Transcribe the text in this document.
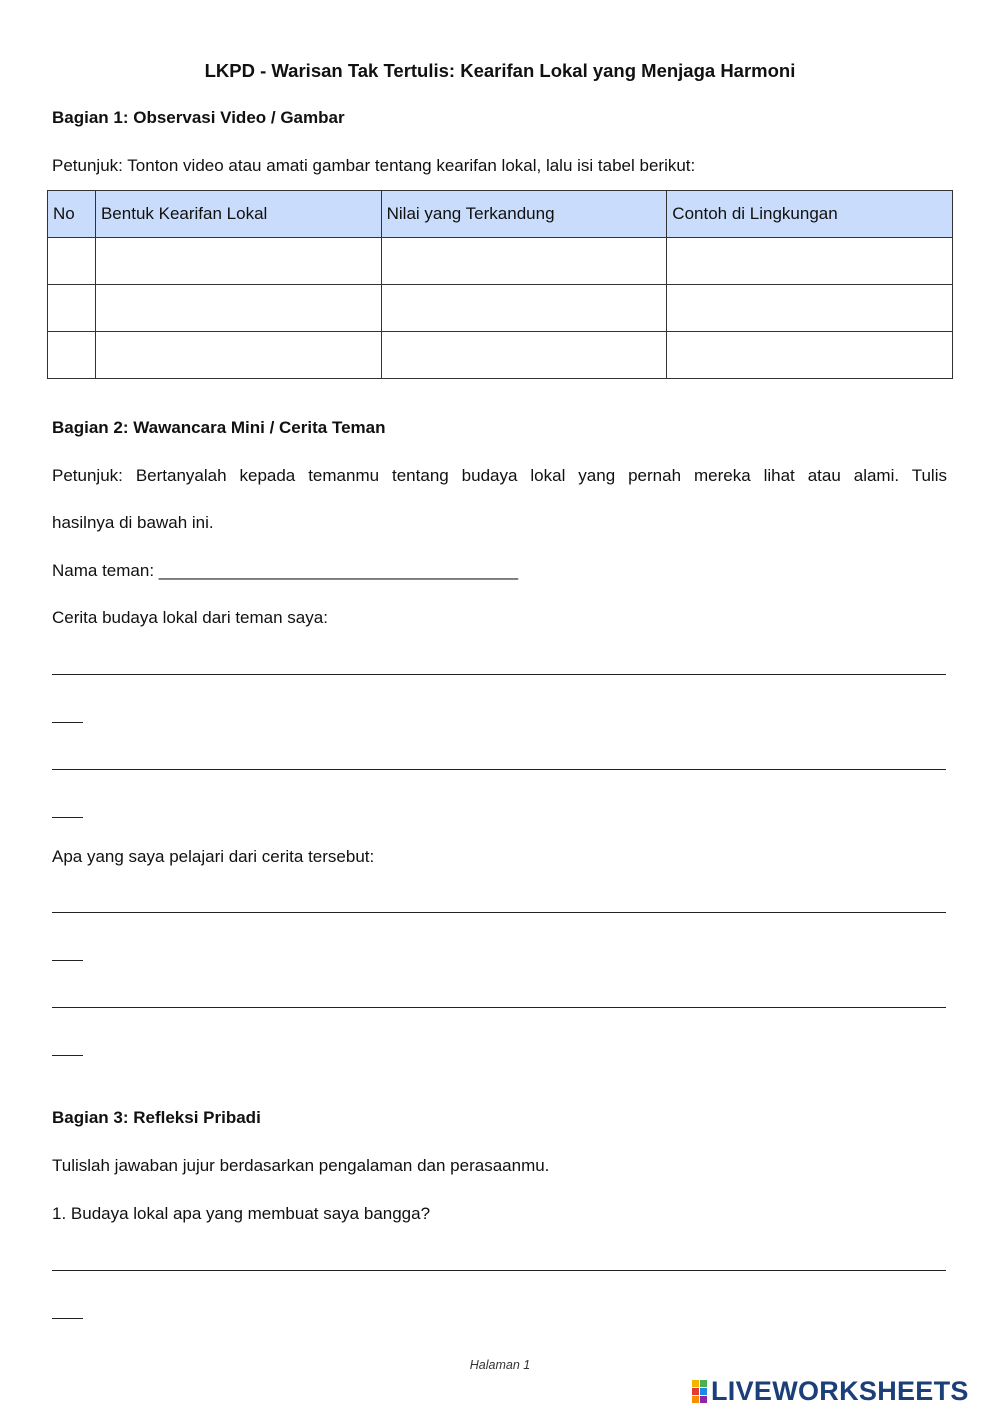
LKPD - Warisan Tak Tertulis: Kearifan Lokal yang Menjaga Harmoni
Bagian 1: Observasi Video / Gambar
Petunjuk: Tonton video atau amati gambar tentang kearifan lokal, lalu isi tabel berikut:
No	Bentuk Kearifan Lokal	Nilai yang Terkandung	Contoh di Lingkungan

Bagian 2: Wawancara Mini / Cerita Teman
Petunjuk: Bertanyalah kepada temanmu tentang budaya lokal yang pernah mereka lihat atau alami. Tulis
hasilnya di bawah ini.
Nama teman: ______________________________________
Cerita budaya lokal dari teman saya:
Apa yang saya pelajari dari cerita tersebut:
Bagian 3: Refleksi Pribadi
Tulislah jawaban jujur berdasarkan pengalaman dan perasaanmu.
1. Budaya lokal apa yang membuat saya bangga?
Halaman 1
LIVEWORKSHEETS
